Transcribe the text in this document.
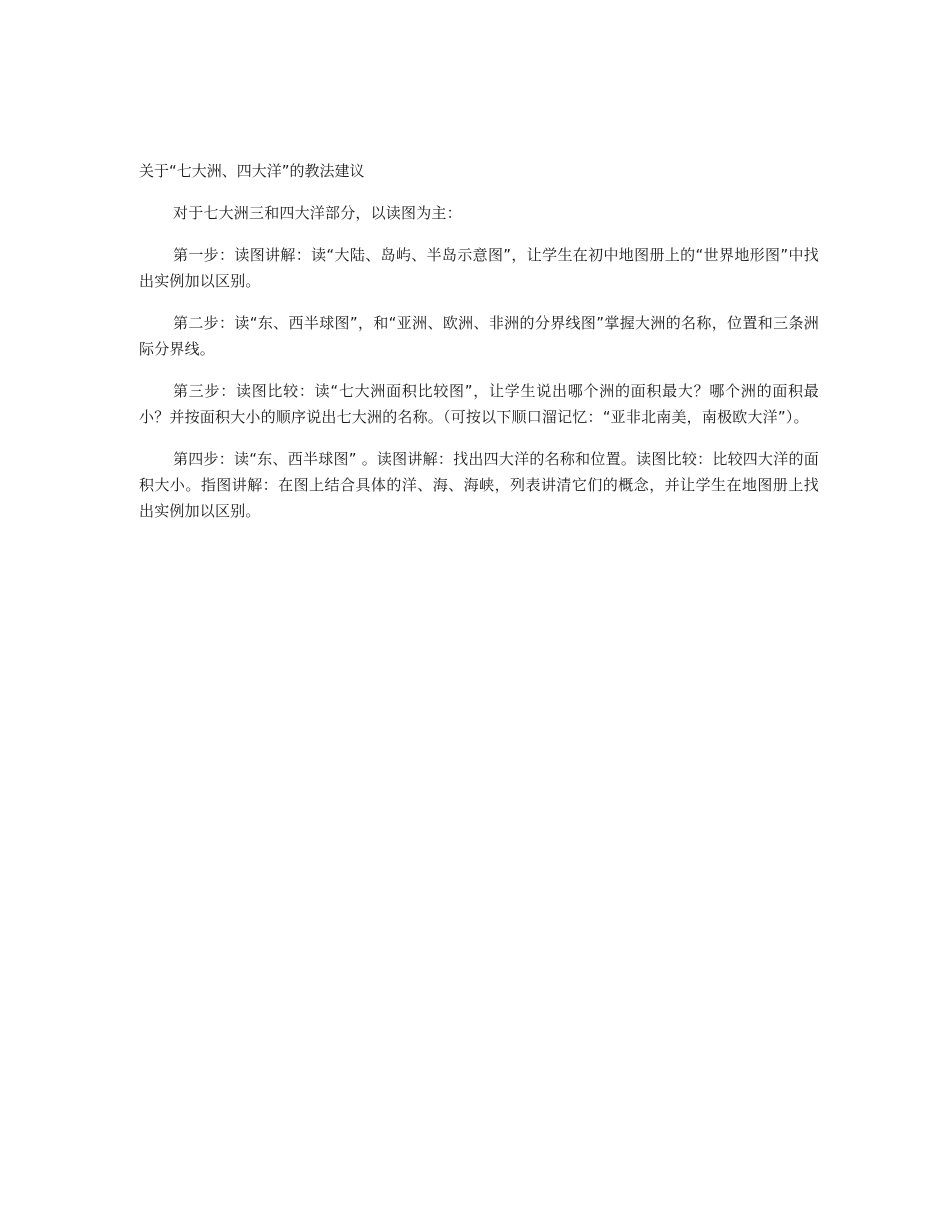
关于“七大洲、四大洋”的教法建议

对于七大洲三和四大洋部分，以读图为主：

第一步：读图讲解：读“大陆、岛屿、半岛示意图”，让学生在初中地图册上的“世界地形图”中找出实例加以区别。

第二步：读“东、西半球图”，和“亚洲、欧洲、非洲的分界线图”掌握大洲的名称，位置和三条洲际分界线。

第三步：读图比较：读“七大洲面积比较图”，让学生说出哪个洲的面积最大？哪个洲的面积最小？并按面积大小的顺序说出七大洲的名称。（可按以下顺口溜记忆：“亚非北南美，南极欧大洋”）。

第四步：读“东、西半球图” 。读图讲解：找出四大洋的名称和位置。读图比较：比较四大洋的面积大小。指图讲解：在图上结合具体的洋、海、海峡，列表讲清它们的概念，并让学生在地图册上找出实例加以区别。
